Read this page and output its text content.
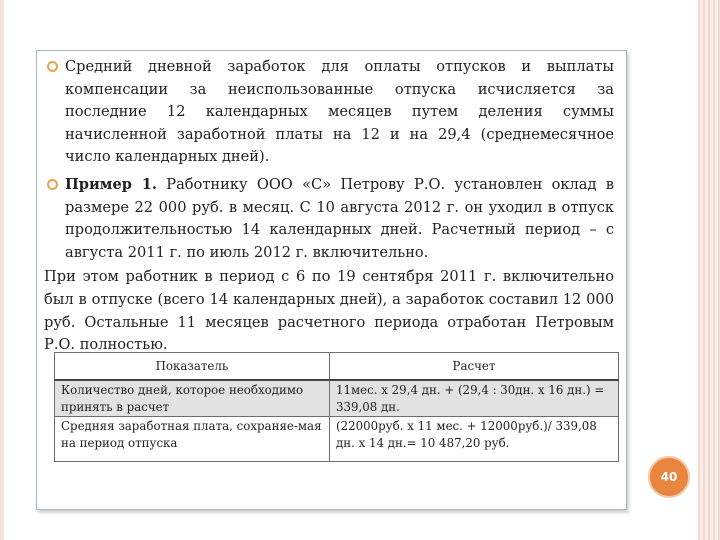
Средний дневной заработок для оплаты отпусков и выплаты компенсации за неиспользованные отпуска исчисляется за последние 12 календарных месяцев путем деления суммы начисленной заработной платы на 12 и на 29,4 (среднемесячное число календарных дней).
Пример 1. Работнику ООО «С» Петрову Р.О. установлен оклад в размере 22 000 руб. в месяц. С 10 августа 2012 г. он уходил в отпуск продолжительностью 14 календарных дней. Расчетный период – с августа 2011 г. по июль 2012 г. включительно.
При этом работник в период с 6 по 19 сентября 2011 г. включительно был в отпуске (всего 14 календарных дней), а заработок составил 12 000 руб. Остальные 11 месяцев расчетного периода отработан Петровым Р.О. полностью.
Показатель	Расчет
Количество дней, которое необходимо принять в расчет	11мес. х 29,4 дн. + (29,4 : 30дн. х 16 дн.) = 339,08 дн.
Средняя заработная плата, сохраняе-мая на период отпуска	(22000руб. х 11 мес. + 12000руб.)/ 339,08 дн. х 14 дн.= 10 487,20 руб.
40
